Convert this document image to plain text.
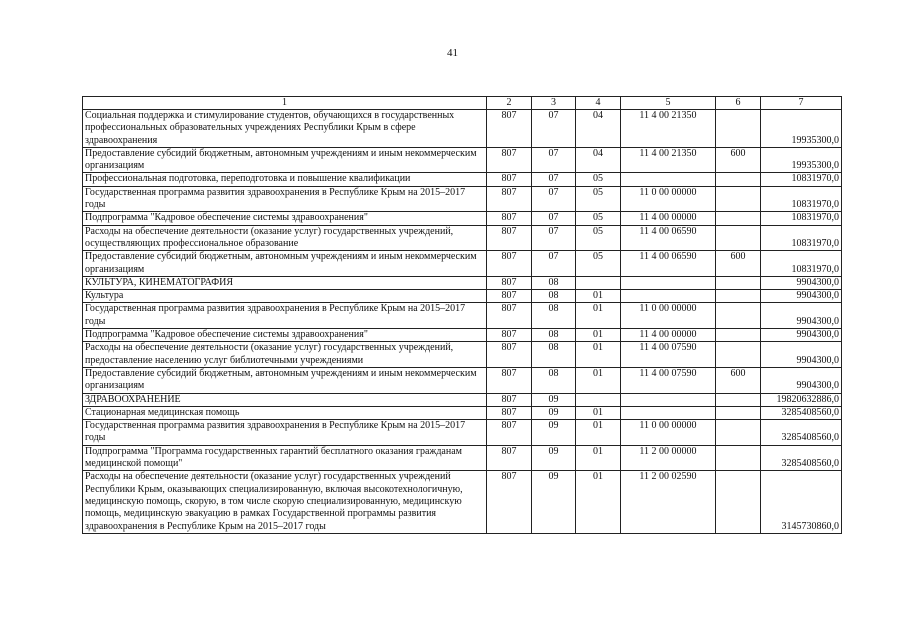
41
1	2	3	4	5	6	7
Социальная поддержка и стимулирование студентов, обучающихся в государственных профессиональных образовательных учреждениях Республики Крым в сфере здравоохранения	807	07	04	11 4 00 21350		19935300,0
Предоставление субсидий бюджетным, автономным учреждениям и иным некоммерческим организациям	807	07	04	11 4 00 21350	600	19935300,0
Профессиональная подготовка, переподготовка и повышение квалификации	807	07	05			10831970,0
Государственная программа развития здравоохранения в Республике Крым на 2015–2017 годы	807	07	05	11 0 00 00000		10831970,0
Подпрограмма "Кадровое обеспечение системы здравоохранения"	807	07	05	11 4 00 00000		10831970,0
Расходы на обеспечение деятельности (оказание услуг) государственных учреждений, осуществляющих профессиональное образование	807	07	05	11 4 00 06590		10831970,0
Предоставление субсидий бюджетным, автономным учреждениям и иным некоммерческим организациям	807	07	05	11 4 00 06590	600	10831970,0
КУЛЬТУРА, КИНЕМАТОГРАФИЯ	807	08				9904300,0
Культура	807	08	01			9904300,0
Государственная программа развития здравоохранения в Республике Крым на 2015–2017 годы	807	08	01	11 0 00 00000		9904300,0
Подпрограмма "Кадровое обеспечение системы здравоохранения"	807	08	01	11 4 00 00000		9904300,0
Расходы на обеспечение деятельности (оказание услуг) государственных учреждений, предоставление населению услуг библиотечными учреждениями	807	08	01	11 4 00 07590		9904300,0
Предоставление субсидий бюджетным, автономным учреждениям и иным некоммерческим организациям	807	08	01	11 4 00 07590	600	9904300,0
ЗДРАВООХРАНЕНИЕ	807	09				19820632886,0
Стационарная медицинская помощь	807	09	01			3285408560,0
Государственная программа развития здравоохранения в Республике Крым на 2015–2017 годы	807	09	01	11 0 00 00000		3285408560,0
Подпрограмма "Программа государственных гарантий бесплатного оказания гражданам медицинской помощи"	807	09	01	11 2 00 00000		3285408560,0
Расходы на обеспечение деятельности (оказание услуг) государственных учреждений Республики Крым, оказывающих специализированную, включая высокотехнологичную, медицинскую помощь, скорую, в том числе скорую специализированную, медицинскую помощь, медицинскую эвакуацию в рамках Государственной программы развития здравоохранения в Республике Крым на 2015–2017 годы	807	09	01	11 2 00 02590		3145730860,0
